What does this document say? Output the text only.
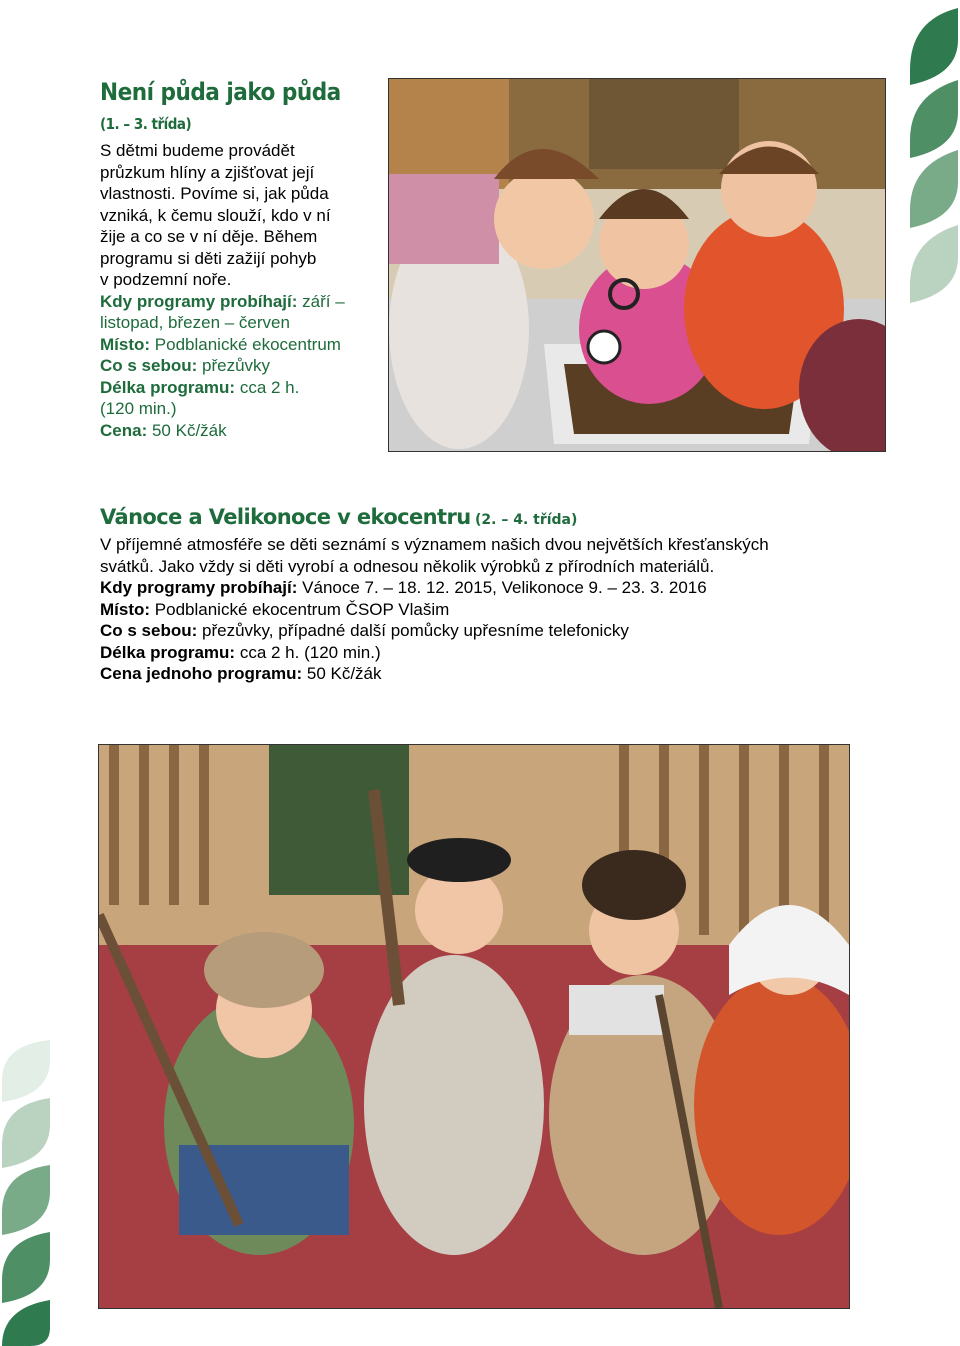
Není půda jako půda
(1. – 3. třída)
S dětmi budeme provádět
průzkum hlíny a zjišťovat její
vlastnosti. Povíme si, jak půda
vzniká, k čemu slouží, kdo v ní
žije a co se v ní děje. Během
programu si děti zažijí pohyb
v podzemní noře.
Kdy programy probíhají: září –
listopad, březen – červen
Místo: Podblanické ekocentrum
Co s sebou: přezůvky
Délka programu: cca 2 h.
(120 min.)
Cena: 50 Kč/žák
Vánoce a Velikonoce v ekocentru (2. – 4. třída)
V příjemné atmosféře se děti seznámí s významem našich dvou největších křesťanských
svátků. Jako vždy si děti vyrobí a odnesou několik výrobků z přírodních materiálů.
Kdy programy probíhají: Vánoce 7. – 18. 12. 2015, Velikonoce 9. – 23. 3. 2016
Místo: Podblanické ekocentrum ČSOP Vlašim
Co s sebou: přezůvky, případné další pomůcky upřesníme telefonicky
Délka programu: cca 2 h. (120 min.)
Cena jednoho programu: 50 Kč/žák
